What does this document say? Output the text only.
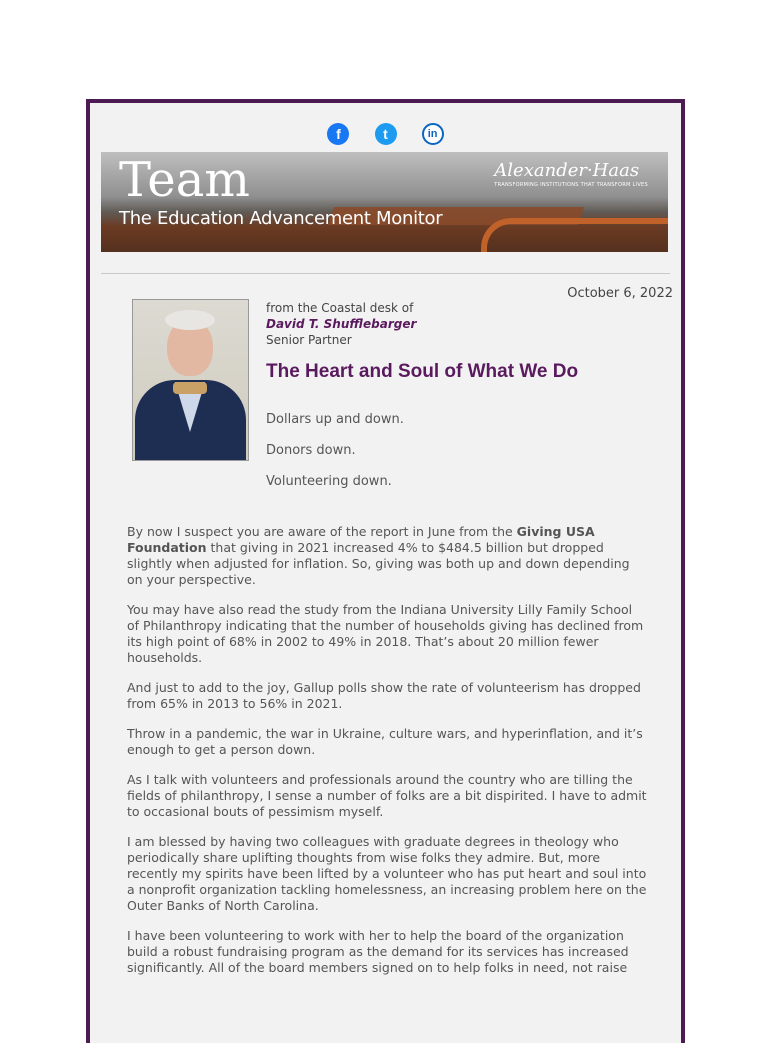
f	t	in
Team
The Education Advancement Monitor
Alexander·Haas
TRANSFORMING INSTITUTIONS THAT TRANSFORM LIVES
October 6, 2022
from the Coastal desk of
David T. Shufflebarger
Senior Partner
The Heart and Soul of What We Do
Dollars up and down.
Donors down.
Volunteering down.

By now I suspect you are aware of the report in June from the Giving USA Foundation that giving in 2021 increased 4% to $484.5 billion but dropped slightly when adjusted for inflation. So, giving was both up and down depending on your perspective.

You may have also read the study from the Indiana University Lilly Family School of Philanthropy indicating that the number of households giving has declined from its high point of 68% in 2002 to 49% in 2018. That’s about 20 million fewer households.

And just to add to the joy, Gallup polls show the rate of volunteerism has dropped from 65% in 2013 to 56% in 2021.

Throw in a pandemic, the war in Ukraine, culture wars, and hyperinflation, and it’s enough to get a person down.

As I talk with volunteers and professionals around the country who are tilling the fields of philanthropy, I sense a number of folks are a bit dispirited. I have to admit to occasional bouts of pessimism myself.

I am blessed by having two colleagues with graduate degrees in theology who periodically share uplifting thoughts from wise folks they admire. But, more recently my spirits have been lifted by a volunteer who has put heart and soul into a nonprofit organization tackling homelessness, an increasing problem here on the Outer Banks of North Carolina.

I have been volunteering to work with her to help the board of the organization build a robust fundraising program as the demand for its services has increased significantly. All of the board members signed on to help folks in need, not raise
